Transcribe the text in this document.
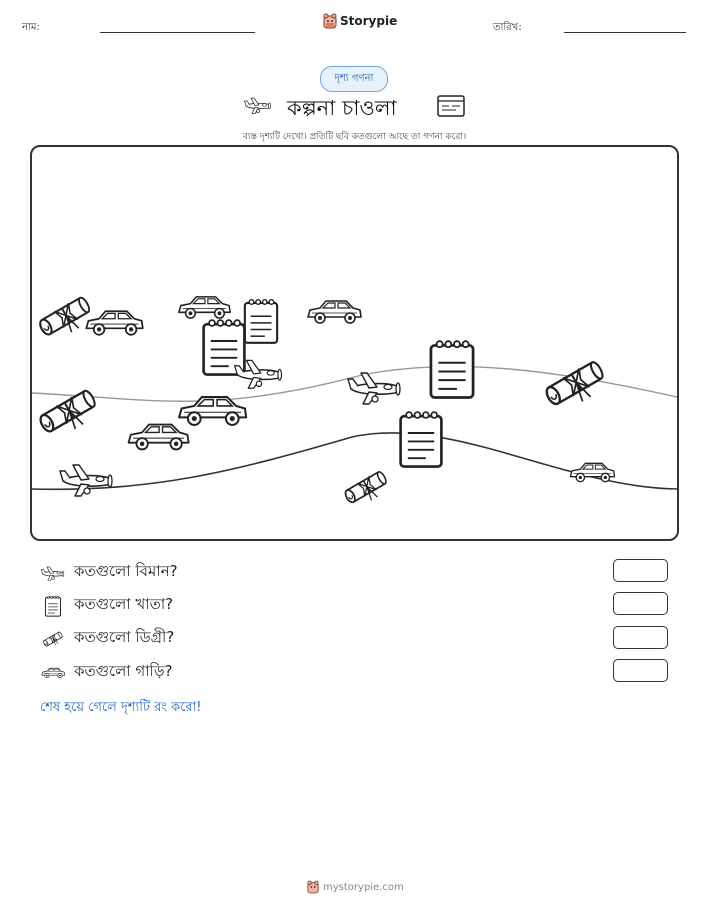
নাম:	Storypie	তারিখ:
দৃশ্য গণনা
কল্পনা চাওলা
ব্যস্ত দৃশ্যটি দেখো। প্রতিটি ছবি কতগুলো আছে তা গণনা করো।
কতগুলো বিমান?
কতগুলো খাতা?
কতগুলো ডিগ্রী?
কতগুলো গাড়ি?
শেষ হয়ে গেলে দৃশ্যটি রং করো!
mystorypie.com
